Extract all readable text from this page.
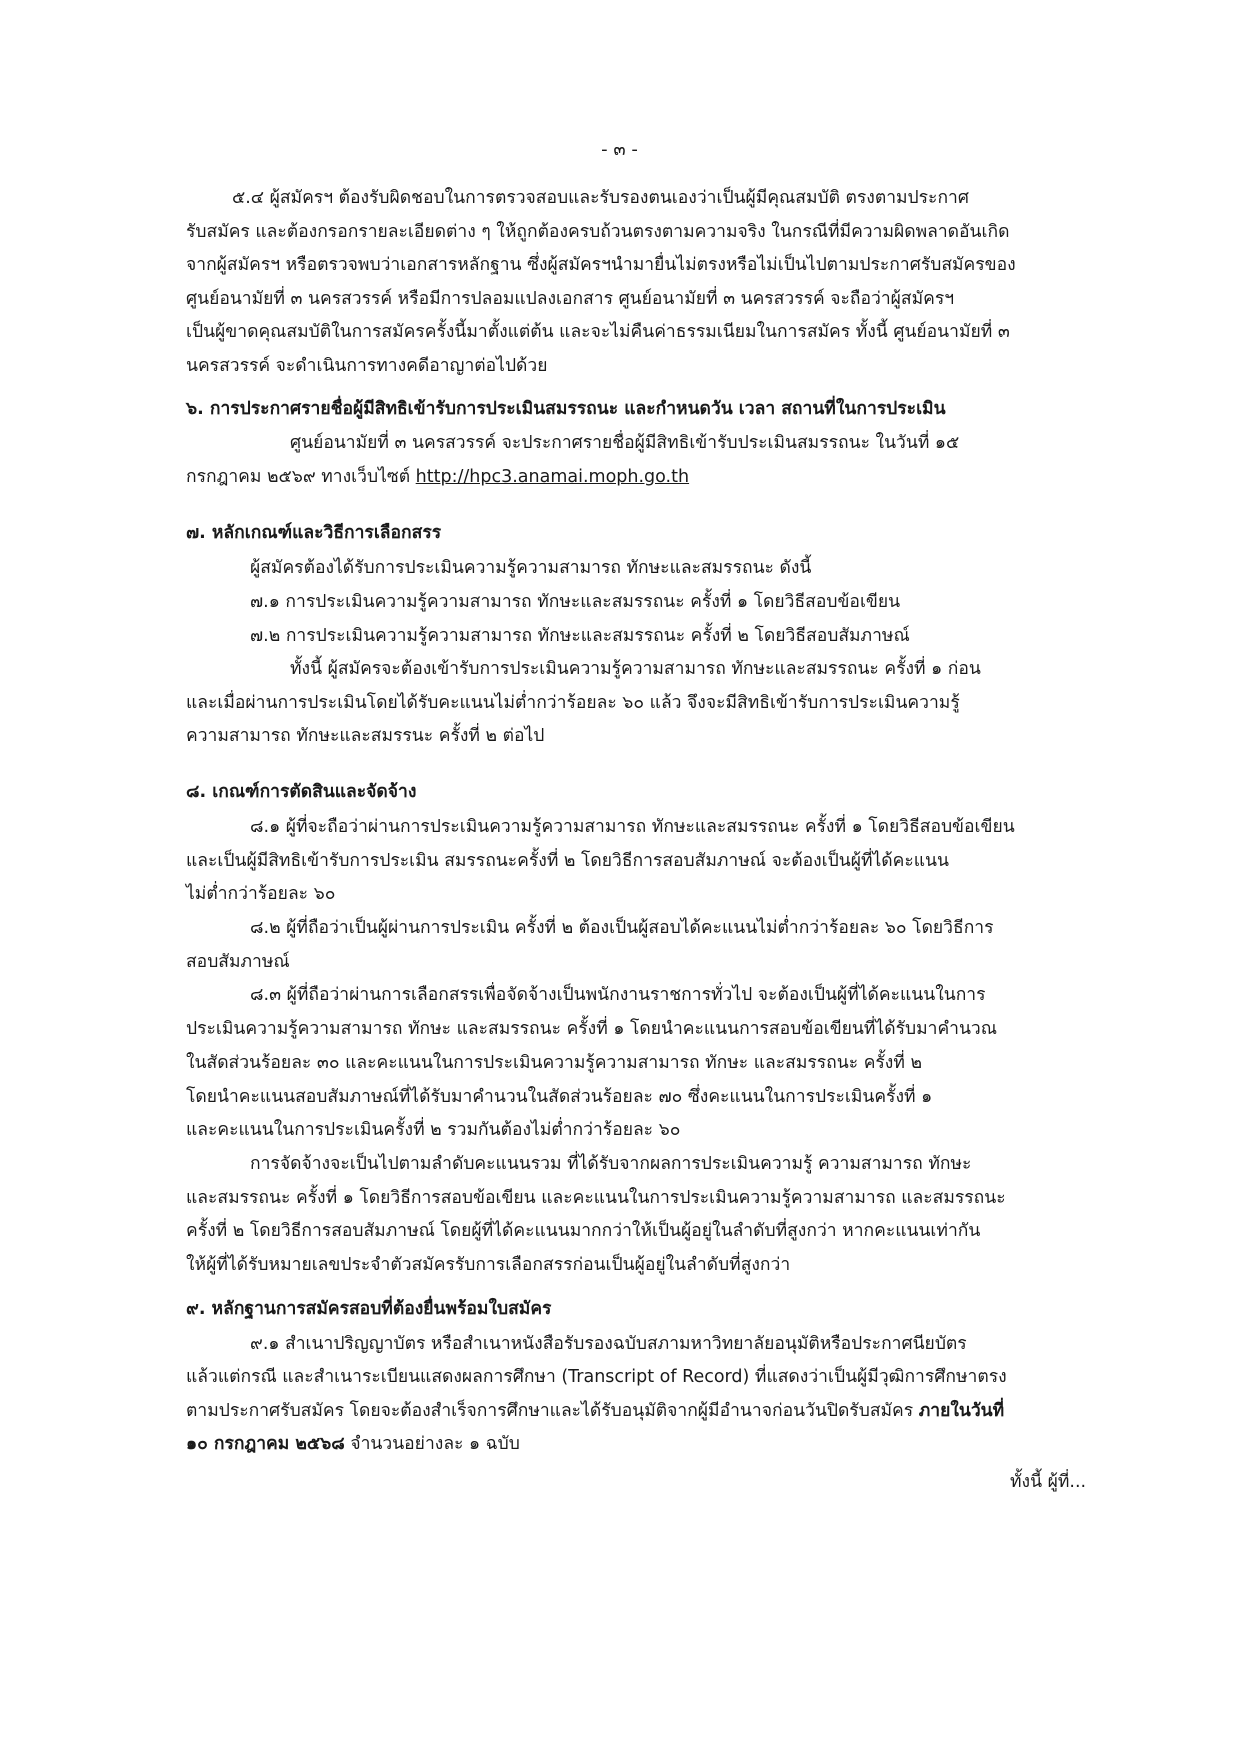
- ๓ -
๕.๔ ผู้สมัครฯ ต้องรับผิดชอบในการตรวจสอบและรับรองตนเองว่าเป็นผู้มีคุณสมบัติ ตรงตามประกาศ
รับสมัคร และต้องกรอกรายละเอียดต่าง ๆ ให้ถูกต้องครบถ้วนตรงตามความจริง ในกรณีที่มีความผิดพลาดอันเกิด
จากผู้สมัครฯ หรือตรวจพบว่าเอกสารหลักฐาน ซึ่งผู้สมัครฯนำมายื่นไม่ตรงหรือไม่เป็นไปตามประกาศรับสมัครของ
ศูนย์อนามัยที่ ๓ นครสวรรค์ หรือมีการปลอมแปลงเอกสาร ศูนย์อนามัยที่ ๓ นครสวรรค์ จะถือว่าผู้สมัครฯ
เป็นผู้ขาดคุณสมบัติในการสมัครครั้งนี้มาตั้งแต่ต้น และจะไม่คืนค่าธรรมเนียมในการสมัคร ทั้งนี้ ศูนย์อนามัยที่ ๓
นครสวรรค์ จะดำเนินการทางคดีอาญาต่อไปด้วย
๖. การประกาศรายชื่อผู้มีสิทธิเข้ารับการประเมินสมรรถนะ และกำหนดวัน เวลา สถานที่ในการประเมิน
ศูนย์อนามัยที่ ๓ นครสวรรค์ จะประกาศรายชื่อผู้มีสิทธิเข้ารับประเมินสมรรถนะ ในวันที่ ๑๕
กรกฎาคม ๒๕๖๙ ทางเว็บไซต์ http://hpc3.anamai.moph.go.th
๗. หลักเกณฑ์และวิธีการเลือกสรร
ผู้สมัครต้องได้รับการประเมินความรู้ความสามารถ ทักษะและสมรรถนะ ดังนี้
๗.๑ การประเมินความรู้ความสามารถ ทักษะและสมรรถนะ ครั้งที่ ๑ โดยวิธีสอบข้อเขียน
๗.๒ การประเมินความรู้ความสามารถ ทักษะและสมรรถนะ ครั้งที่ ๒ โดยวิธีสอบสัมภาษณ์
ทั้งนี้ ผู้สมัครจะต้องเข้ารับการประเมินความรู้ความสามารถ ทักษะและสมรรถนะ ครั้งที่ ๑ ก่อน
และเมื่อผ่านการประเมินโดยได้รับคะแนนไม่ต่ำกว่าร้อยละ ๖๐ แล้ว จึงจะมีสิทธิเข้ารับการประเมินความรู้
ความสามารถ ทักษะและสมรรนะ ครั้งที่ ๒ ต่อไป
๘. เกณฑ์การตัดสินและจัดจ้าง
๘.๑ ผู้ที่จะถือว่าผ่านการประเมินความรู้ความสามารถ ทักษะและสมรรถนะ ครั้งที่ ๑ โดยวิธีสอบข้อเขียน
และเป็นผู้มีสิทธิเข้ารับการประเมิน สมรรถนะครั้งที่ ๒ โดยวิธีการสอบสัมภาษณ์ จะต้องเป็นผู้ที่ได้คะแนน
ไม่ต่ำกว่าร้อยละ ๖๐
๘.๒ ผู้ที่ถือว่าเป็นผู้ผ่านการประเมิน ครั้งที่ ๒ ต้องเป็นผู้สอบได้คะแนนไม่ต่ำกว่าร้อยละ ๖๐ โดยวิธีการ
สอบสัมภาษณ์
๘.๓ ผู้ที่ถือว่าผ่านการเลือกสรรเพื่อจัดจ้างเป็นพนักงานราชการทั่วไป จะต้องเป็นผู้ที่ได้คะแนนในการ
ประเมินความรู้ความสามารถ ทักษะ และสมรรถนะ ครั้งที่ ๑ โดยนำคะแนนการสอบข้อเขียนที่ได้รับมาคำนวณ
ในสัดส่วนร้อยละ ๓๐ และคะแนนในการประเมินความรู้ความสามารถ ทักษะ และสมรรถนะ ครั้งที่ ๒
โดยนำคะแนนสอบสัมภาษณ์ที่ได้รับมาคำนวนในสัดส่วนร้อยละ ๗๐ ซึ่งคะแนนในการประเมินครั้งที่ ๑
และคะแนนในการประเมินครั้งที่ ๒ รวมกันต้องไม่ต่ำกว่าร้อยละ ๖๐
การจัดจ้างจะเป็นไปตามลำดับคะแนนรวม ที่ได้รับจากผลการประเมินความรู้ ความสามารถ ทักษะ
และสมรรถนะ ครั้งที่ ๑ โดยวิธีการสอบข้อเขียน และคะแนนในการประเมินความรู้ความสามารถ และสมรรถนะ
ครั้งที่ ๒ โดยวิธีการสอบสัมภาษณ์ โดยผู้ที่ได้คะแนนมากกว่าให้เป็นผู้อยู่ในลำดับที่สูงกว่า หากคะแนนเท่ากัน
ให้ผู้ที่ได้รับหมายเลขประจำตัวสมัครรับการเลือกสรรก่อนเป็นผู้อยู่ในลำดับที่สูงกว่า
๙. หลักฐานการสมัครสอบที่ต้องยื่นพร้อมใบสมัคร
๙.๑ สำเนาปริญญาบัตร หรือสำเนาหนังสือรับรองฉบับสภามหาวิทยาลัยอนุมัติหรือประกาศนียบัตร
แล้วแต่กรณี และสำเนาระเบียนแสดงผลการศึกษา (Transcript of Record) ที่แสดงว่าเป็นผู้มีวุฒิการศึกษาตรง
ตามประกาศรับสมัคร โดยจะต้องสำเร็จการศึกษาและได้รับอนุมัติจากผู้มีอำนาจก่อนวันปิดรับสมัคร ภายในวันที่
๑๐ กรกฎาคม ๒๕๖๘ จำนวนอย่างละ ๑ ฉบับ
ทั้งนี้ ผู้ที่...
